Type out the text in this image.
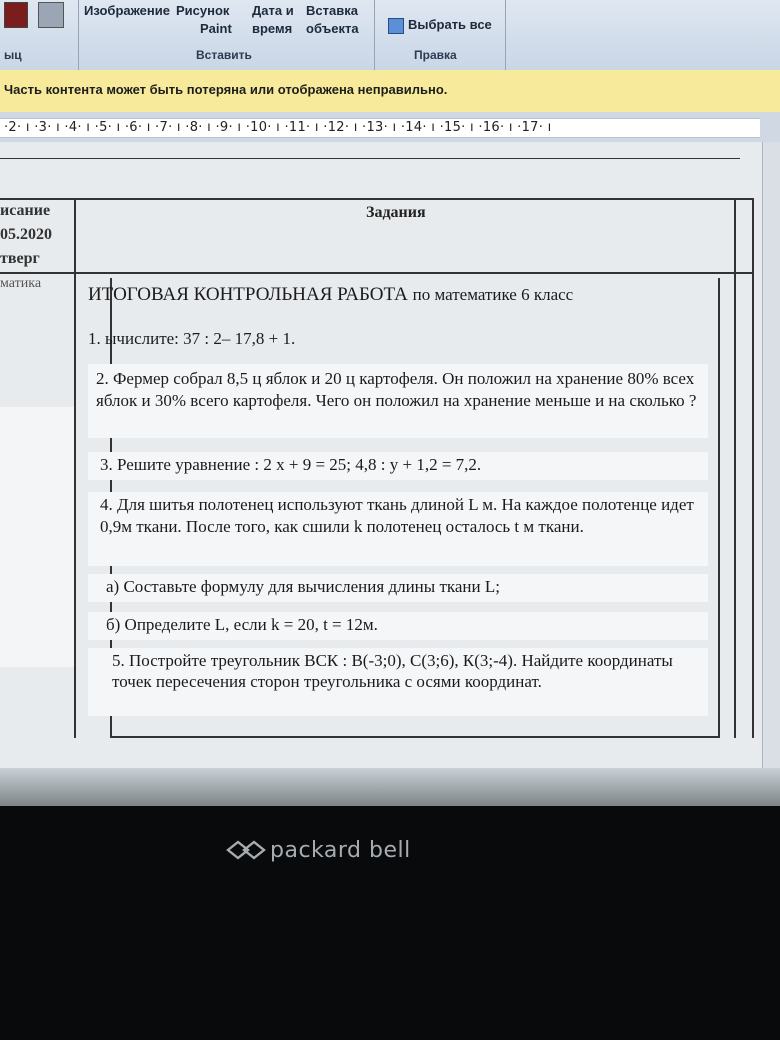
Изображение Рисунок Дата и Вставка
Paint время объекта	Выбрать все
ыц	Вставить	Правка
Часть контента может быть потеряна или отображена неправильно.
·2· ı ·3· ı ·4· ı ·5· ı ·6· ı ·7· ı ·8· ı ·9· ı ·10· ı ·11· ı ·12· ı ·13· ı ·14· ı ·15· ı ·16· ı ·17· ı
исание
05.2020
тверг
матика
Задания
ИТОГОВАЯ КОНТРОЛЬНАЯ РАБОТА по математике 6 класс
1. ычислите: 37 : 2– 17,8 + 1.
2. Фермер собрал 8,5 ц яблок и 20 ц картофеля. Он положил на хранение 80% всех яблок и 30% всего картофеля. Чего он положил на хранение меньше и на сколько ?
3. Решите уравнение : 2 х + 9 = 25; 4,8 : у + 1,2 = 7,2.
4. Для шитья полотенец используют ткань длиной L м. На каждое полотенце идет 0,9м ткани. После того, как сшили k полотенец осталось t м ткани.
а) Составьте формулу для вычисления длины ткани L;
б) Определите L, если k = 20, t = 12м.
5. Постройте треугольник ВСК : В(-3;0), С(3;6), К(3;-4). Найдите координаты точек пересечения сторон треугольника с осями координат.
packard bell
